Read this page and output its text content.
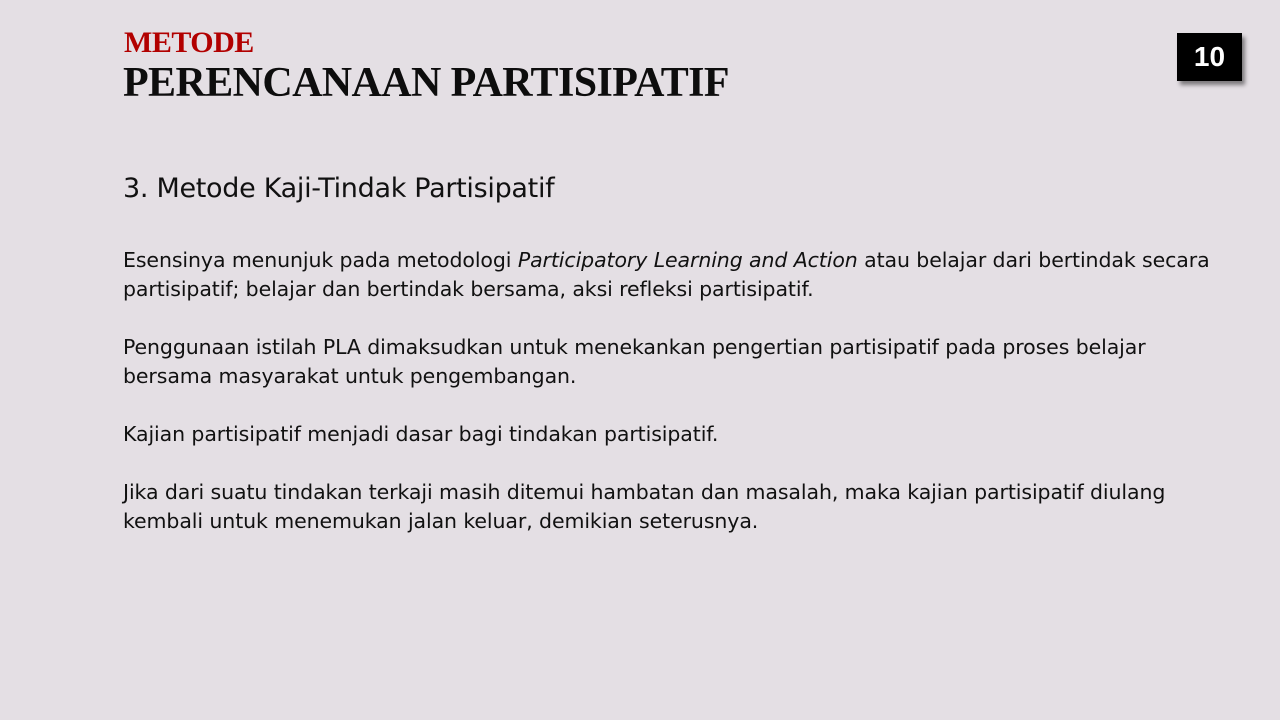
METODE
PERENCANAAN PARTISIPATIF
10
3. Metode Kaji-Tindak Partisipatif

Esensinya menunjuk pada metodologi Participatory Learning and Action atau belajar dari bertindak secara partisipatif; belajar dan bertindak bersama, aksi refleksi partisipatif.

Penggunaan istilah PLA dimaksudkan untuk menekankan pengertian partisipatif pada proses belajar bersama masyarakat untuk pengembangan.

Kajian partisipatif menjadi dasar bagi tindakan partisipatif.

Jika dari suatu tindakan terkaji masih ditemui hambatan dan masalah, maka kajian partisipatif diulang kembali untuk menemukan jalan keluar, demikian seterusnya.
